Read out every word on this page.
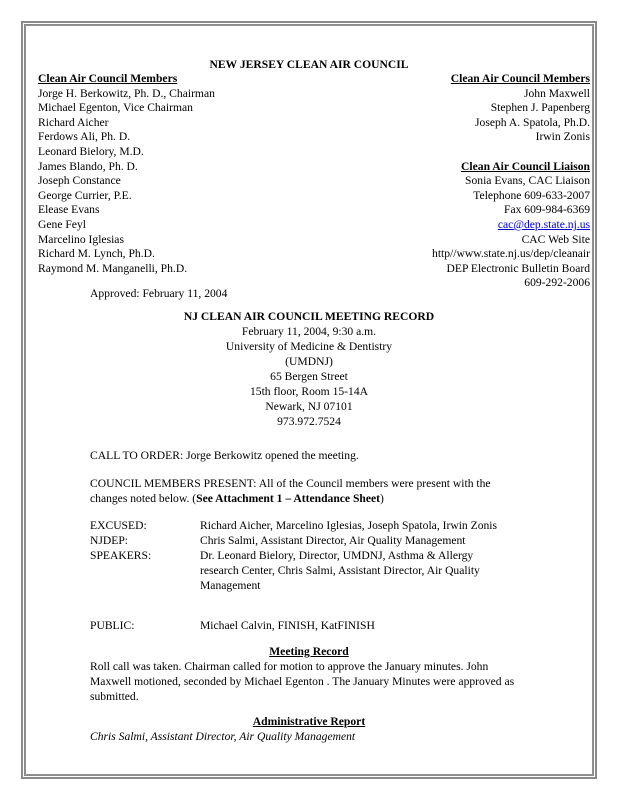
NEW JERSEY CLEAN AIR COUNCIL
Clean Air Council Members
Jorge H. Berkowitz, Ph. D., Chairman
Michael Egenton, Vice Chairman
Richard Aicher
Ferdows Ali, Ph. D.
Leonard Bielory, M.D.
James Blando, Ph. D.
Joseph Constance
George Currier, P.E.
Elease Evans
Gene Feyl
Marcelino Iglesias
Richard M. Lynch, Ph.D.
Raymond M. Manganelli, Ph.D.
Clean Air Council Members
John Maxwell
Stephen J. Papenberg
Joseph A. Spatola, Ph.D.
Irwin Zonis
Clean Air Council Liaison
Sonia Evans, CAC Liaison
Telephone 609-633-2007
Fax 609-984-6369
cac@dep.state.nj.us
CAC Web Site
http//www.state.nj.us/dep/cleanair
DEP Electronic Bulletin Board
609-292-2006
Approved: February 11, 2004
NJ CLEAN AIR COUNCIL MEETING RECORD
February 11, 2004, 9:30 a.m.
University of Medicine & Dentistry
(UMDNJ)
65 Bergen Street
15th floor, Room 15-14A
Newark, NJ 07101
973.972.7524
CALL TO ORDER: Jorge Berkowitz opened the meeting.
COUNCIL MEMBERS PRESENT: All of the Council members were present with the changes noted below. (See Attachment 1 – Attendance Sheet)
EXCUSED:	Richard Aicher, Marcelino Iglesias, Joseph Spatola, Irwin Zonis
NJDEP:	Chris Salmi, Assistant Director, Air Quality Management
SPEAKERS:	Dr. Leonard Bielory, Director, UMDNJ, Asthma & Allergy research Center, Chris Salmi, Assistant Director, Air Quality Management
PUBLIC:	Michael Calvin, FINISH, KatFINISH
Meeting Record
Roll call was taken. Chairman called for motion to approve the January minutes. John Maxwell motioned, seconded by Michael Egenton . The January Minutes were approved as submitted.
Administrative Report
Chris Salmi, Assistant Director, Air Quality Management
